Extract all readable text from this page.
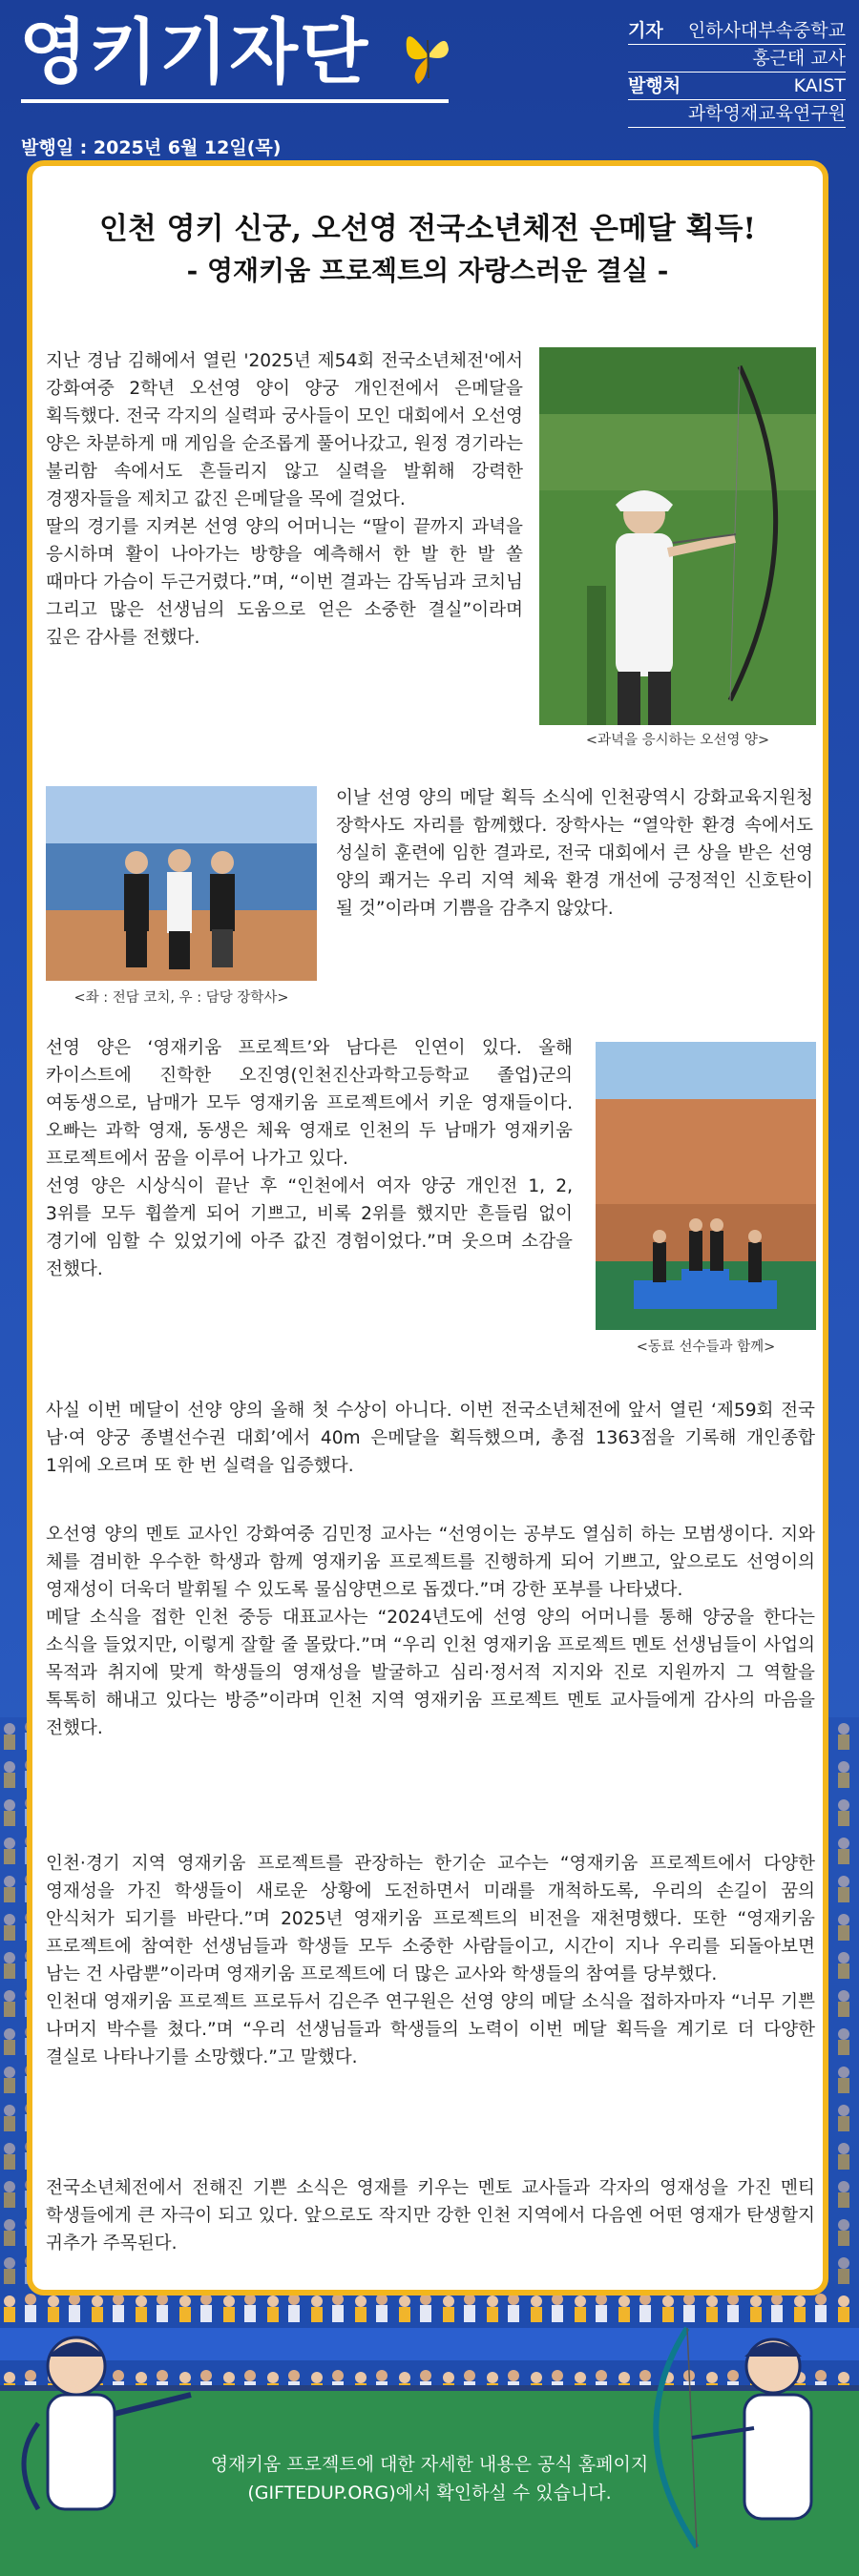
영키기자단	기자 인하사대부속중학교
홍근태 교사
발행처	KAIST
과학영재교육연구원
발행일 : 2025년 6월 12일(목)
인천 영키 신궁, 오선영 전국소년체전 은메달 획득!
- 영재키움 프로젝트의 자랑스러운 결실 -

지난 경남 김해에서 열린 '2025년 제54회 전국소년체전'에서 강화여중 2학년 오선영 양이 양궁 개인전에서 은메달을 획득했다. 전국 각지의 실력파 궁사들이 모인 대회에서 오선영 양은 차분하게 매 게임을 순조롭게 풀어나갔고, 원정 경기라는 불리함 속에서도 흔들리지 않고 실력을 발휘해 강력한 경쟁자들을 제치고 값진 은메달을 목에 걸었다.
딸의 경기를 지켜본 선영 양의 어머니는 “딸이 끝까지 과녁을 응시하며 활이 나아가는 방향을 예측해서 한 발 한 발 쏠 때마다 가슴이 두근거렸다.”며, “이번 결과는 감독님과 코치님 그리고 많은 선생님의 도움으로 얻은 소중한 결실”이라며 깊은 감사를 전했다.

<과녁을 응시하는 오선영 양>
<좌 : 전담 코치, 우 : 담당 장학사>

이날 선영 양의 메달 획득 소식에 인천광역시 강화교육지원청 장학사도 자리를 함께했다. 장학사는 “열악한 환경 속에서도 성실히 훈련에 임한 결과로, 전국 대회에서 큰 상을 받은 선영 양의 쾌거는 우리 지역 체육 환경 개선에 긍정적인 신호탄이 될 것”이라며 기쁨을 감추지 않았다.

선영 양은 ‘영재키움 프로젝트’와 남다른 인연이 있다. 올해 카이스트에 진학한 오진영(인천진산과학고등학교 졸업)군의 여동생으로, 남매가 모두 영재키움 프로젝트에서 키운 영재들이다. 오빠는 과학 영재, 동생은 체육 영재로 인천의 두 남매가 영재키움 프로젝트에서 꿈을 이루어 나가고 있다.
선영 양은 시상식이 끝난 후 “인천에서 여자 양궁 개인전 1, 2, 3위를 모두 휩쓸게 되어 기쁘고, 비록 2위를 했지만 흔들림 없이 경기에 임할 수 있었기에 아주 값진 경험이었다.”며 웃으며 소감을 전했다.

<동료 선수들과 함께>

사실 이번 메달이 선양 양의 올해 첫 수상이 아니다. 이번 전국소년체전에 앞서 열린 ‘제59회 전국 남·여 양궁 종별선수권 대회’에서 40m 은메달을 획득했으며, 총점 1363점을 기록해 개인종합 1위에 오르며 또 한 번 실력을 입증했다.

오선영 양의 멘토 교사인 강화여중 김민정 교사는 “선영이는 공부도 열심히 하는 모범생이다. 지와 체를 겸비한 우수한 학생과 함께 영재키움 프로젝트를 진행하게 되어 기쁘고, 앞으로도 선영이의 영재성이 더욱더 발휘될 수 있도록 물심양면으로 돕겠다.”며 강한 포부를 나타냈다.
메달 소식을 접한 인천 중등 대표교사는 “2024년도에 선영 양의 어머니를 통해 양궁을 한다는 소식을 들었지만, 이렇게 잘할 줄 몰랐다.”며 “우리 인천 영재키움 프로젝트 멘토 선생님들이 사업의 목적과 취지에 맞게 학생들의 영재성을 발굴하고 심리·정서적 지지와 진로 지원까지 그 역할을 톡톡히 해내고 있다는 방증”이라며 인천 지역 영재키움 프로젝트 멘토 교사들에게 감사의 마음을 전했다.

인천·경기 지역 영재키움 프로젝트를 관장하는 한기순 교수는 “영재키움 프로젝트에서 다양한 영재성을 가진 학생들이 새로운 상황에 도전하면서 미래를 개척하도록, 우리의 손길이 꿈의 안식처가 되기를 바란다.”며 2025년 영재키움 프로젝트의 비전을 재천명했다. 또한 “영재키움 프로젝트에 참여한 선생님들과 학생들 모두 소중한 사람들이고, 시간이 지나 우리를 되돌아보면 남는 건 사람뿐”이라며 영재키움 프로젝트에 더 많은 교사와 학생들의 참여를 당부했다.
인천대 영재키움 프로젝트 프로듀서 김은주 연구원은 선영 양의 메달 소식을 접하자마자 “너무 기쁜 나머지 박수를 쳤다.”며 “우리 선생님들과 학생들의 노력이 이번 메달 획득을 계기로 더 다양한 결실로 나타나기를 소망했다.”고 말했다.

전국소년체전에서 전해진 기쁜 소식은 영재를 키우는 멘토 교사들과 각자의 영재성을 가진 멘티 학생들에게 큰 자극이 되고 있다. 앞으로도 작지만 강한 인천 지역에서 다음엔 어떤 영재가 탄생할지 귀추가 주목된다.

영재키움 프로젝트에 대한 자세한 내용은 공식 홈페이지
(GIFTEDUP.ORG)에서 확인하실 수 있습니다.
